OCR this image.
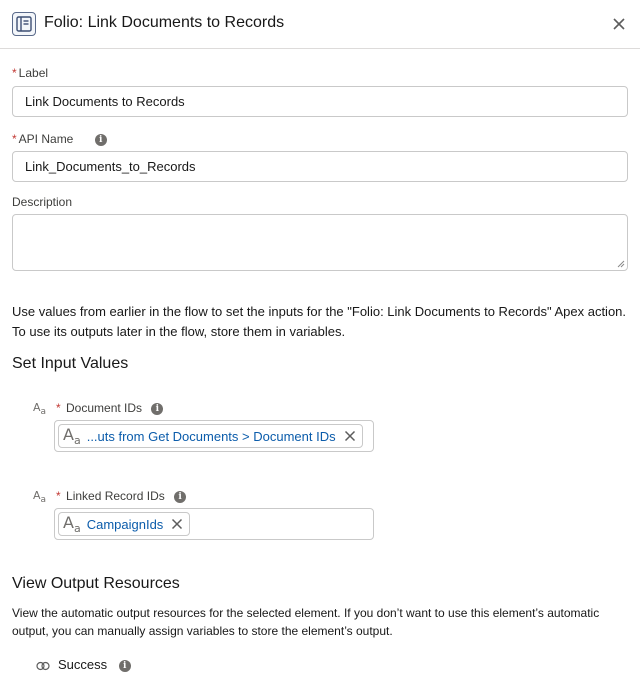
Folio: Link Documents to Records
* Label
Link Documents to Records
* API Name	i
Link_Documents_to_Records
Description
Use values from earlier in the flow to set the inputs for the "Folio: Link Documents to Records" Apex action. To use its outputs later in the flow, store them in variables.
Set Input Values
$A_a$ * Document IDs i
$A_a$ ...uts from Get Documents > Document IDs
$A_a$ * Linked Record IDs i
$A_a$ CampaignIds
View Output Resources
View the automatic output resources for the selected element. If you don’t want to use this element’s automatic output, you can manually assign variables to store the element’s output.
Success i
